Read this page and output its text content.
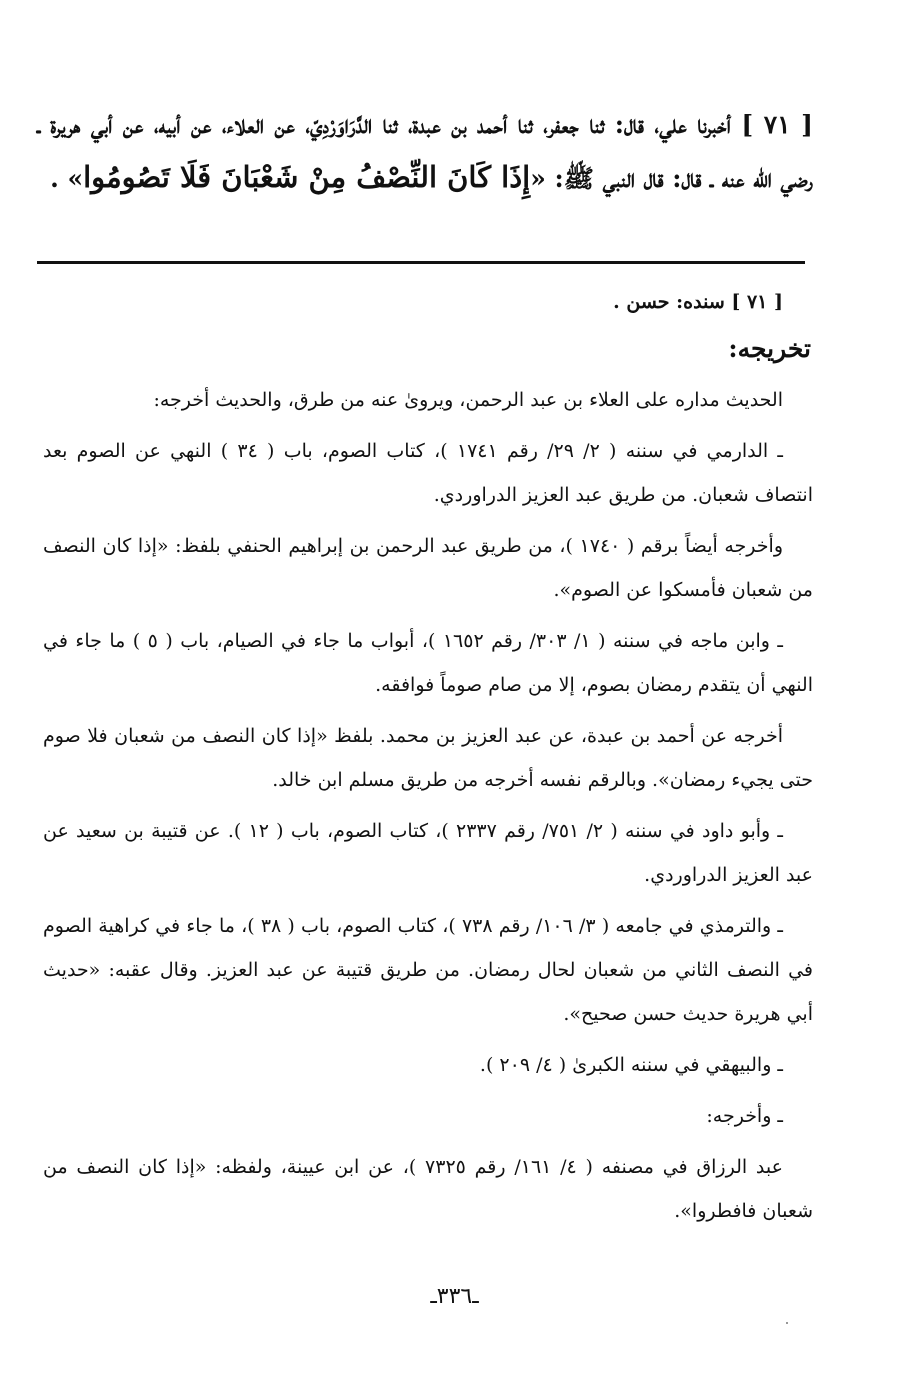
[ ٧١ ] أخبرنا علي، قال: ثنا جعفر، ثنا أحمد بن عبدة، ثنا الدَّرَاوَرْدِيّ، عن العلاء، عن أبيه، عن أبي هريرة ـ رضي الله عنه ـ قال: قال النبي ﷺ: «إِذَا كَانَ النِّصْفُ مِنْ شَعْبَانَ فَلَا تَصُومُوا» .
[ ٧١ ] سنده: حسن .
تخريجه:
الحديث مداره على العلاء بن عبد الرحمن، ويروىٰ عنه من طرق، والحديث أخرجه:
ـ الدارمي في سننه ( ٢/ ٢٩/ رقم ١٧٤١ )، كتاب الصوم، باب ( ٣٤ ) النهي عن الصوم بعد انتصاف شعبان. من طريق عبد العزيز الدراوردي.
وأخرجه أيضاً برقم ( ١٧٤٠ )، من طريق عبد الرحمن بن إبراهيم الحنفي بلفظ: «إذا كان النصف من شعبان فأمسكوا عن الصوم».
ـ وابن ماجه في سننه ( ١/ ٣٠٣/ رقم ١٦٥٢ )، أبواب ما جاء في الصيام، باب ( ٥ ) ما جاء في النهي أن يتقدم رمضان بصوم، إلا من صام صوماً فوافقه.
أخرجه عن أحمد بن عبدة، عن عبد العزيز بن محمد. بلفظ «إذا كان النصف من شعبان فلا صوم حتى يجيء رمضان». وبالرقم نفسه أخرجه من طريق مسلم ابن خالد.
ـ وأبو داود في سننه ( ٢/ ٧٥١/ رقم ٢٣٣٧ )، كتاب الصوم، باب ( ١٢ ). عن قتيبة بن سعيد عن عبد العزيز الدراوردي.
ـ والترمذي في جامعه ( ٣/ ١٠٦/ رقم ٧٣٨ )، كتاب الصوم، باب ( ٣٨ )، ما جاء في كراهية الصوم في النصف الثاني من شعبان لحال رمضان. من طريق قتيبة عن عبد العزيز. وقال عقبه: «حديث أبي هريرة حديث حسن صحيح».
ـ والبيهقي في سننه الكبرىٰ ( ٤/ ٢٠٩ ).
ـ وأخرجه:
عبد الرزاق في مصنفه ( ٤/ ١٦١/ رقم ٧٣٢٥ )، عن ابن عيينة، ولفظه: «إذا كان النصف من شعبان فافطروا».
ـ٣٣٦ـ
